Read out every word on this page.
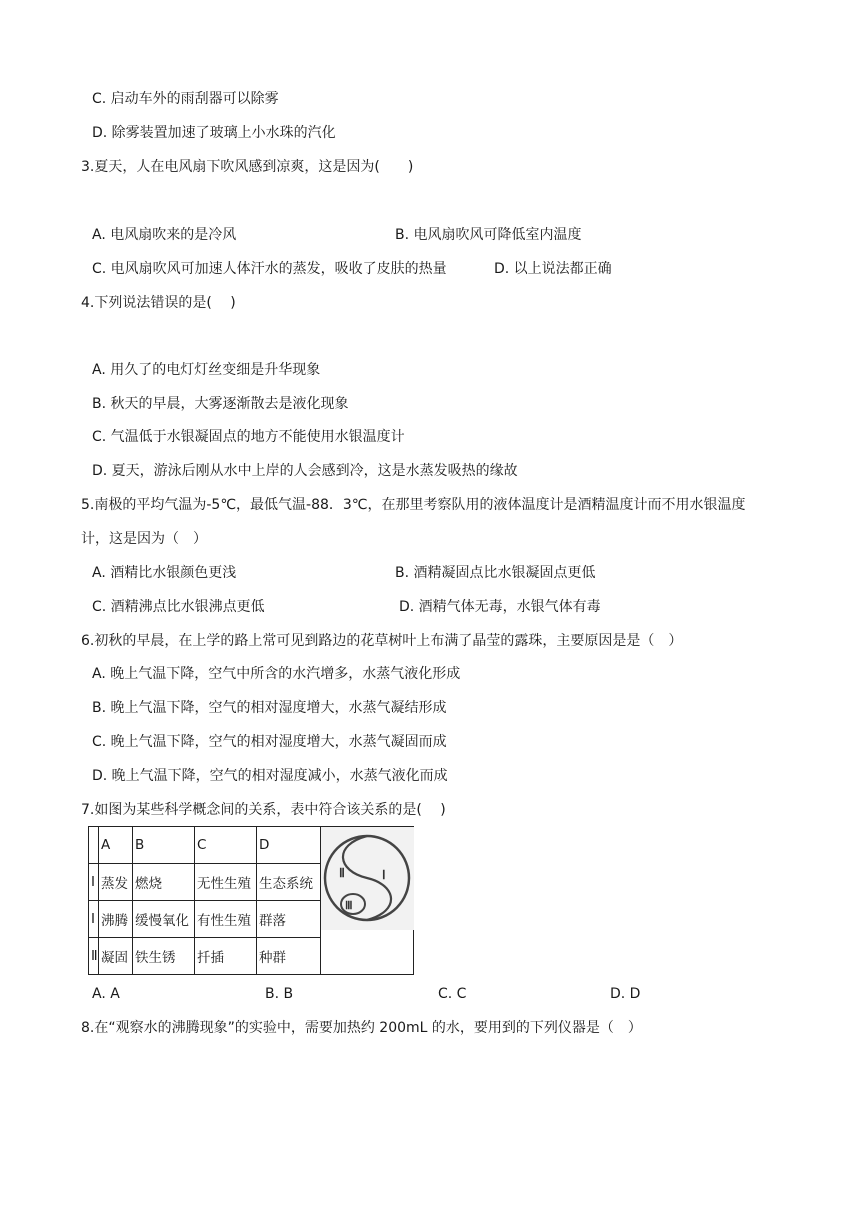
C. 启动车外的雨刮器可以除雾
D. 除雾装置加速了玻璃上小水珠的汽化
3.夏天，人在电风扇下吹风感到凉爽，这是因为(　　)
A. 电风扇吹来的是冷风	B. 电风扇吹风可降低室内温度
C. 电风扇吹风可加速人体汗水的蒸发，吸收了皮肤的热量	D. 以上说法都正确
4.下列说法错误的是(　 )
A. 用久了的电灯灯丝变细是升华现象
B. 秋天的早晨，大雾逐渐散去是液化现象
C. 气温低于水银凝固点的地方不能使用水银温度计
D. 夏天，游泳后刚从水中上岸的人会感到冷，这是水蒸发吸热的缘故
5.南极的平均气温为-5℃，最低气温-88．3℃，在那里考察队用的液体温度计是酒精温度计而不用水银温度
计，这是因为（　）
A. 酒精比水银颜色更浅	B. 酒精凝固点比水银凝固点更低
C. 酒精沸点比水银沸点更低	D. 酒精气体无毒，水银气体有毒
6.初秋的早晨，在上学的路上常可见到路边的花草树叶上布满了晶莹的露珠，主要原因是是（　）
A. 晚上气温下降，空气中所含的水汽增多，水蒸气液化形成
B. 晚上气温下降，空气的相对湿度增大，水蒸气凝结形成
C. 晚上气温下降，空气的相对湿度增大，水蒸气凝固而成
D. 晚上气温下降，空气的相对湿度减小，水蒸气液化而成
7.如图为某些科学概念间的关系，表中符合该关系的是(　 )
	A	B	C	D	
Ⅰ	蒸发	燃烧	无性生殖	生态系统	
Ⅰ	沸腾	缓慢氧化	有性生殖	群落	
Ⅱ	凝固	铁生锈	扦插	种群	
Ⅱ	Ⅰ
Ⅲ
A. A	B. B	C. C	D. D
8.在“观察水的沸腾现象”的实验中，需要加热约 200mL 的水，要用到的下列仪器是（　）
